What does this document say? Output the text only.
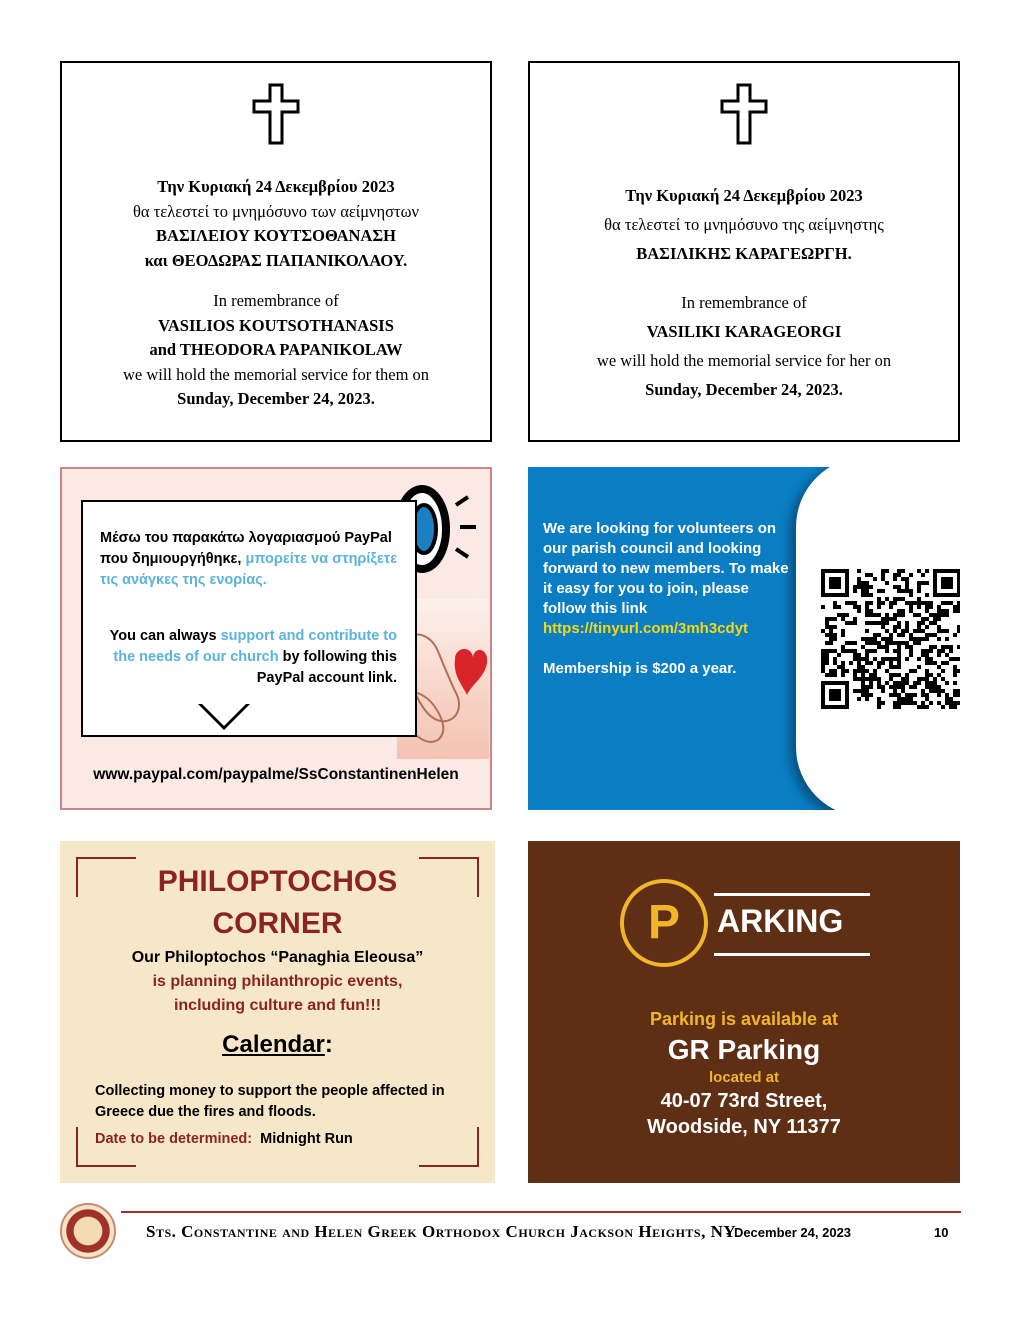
Την Κυριακή 24 Δεκεμβρίου 2023

θα τελεστεί το μνημόσυνο των αείμνηστων

ΒΑΣΙΛΕΙΟΥ ΚΟΥΤΣΟΘΑΝΑΣΗ

και ΘΕΟΔΩΡΑΣ ΠΑΠΑΝΙΚΟΛΑΟΥ.

In remembrance of

VASILIOS KOUTSOTHANASIS

and THEODORA PAPANIKOLAW

we will hold the memorial service for them on

Sunday, December 24, 2023.

Την Κυριακή 24 Δεκεμβρίου 2023

θα τελεστεί το μνημόσυνο της αείμνηστης

ΒΑΣΙΛΙΚΗΣ ΚΑΡΑΓΕΩΡΓΗ.

In remembrance of

VASILIKI KARAGEORGI

we will hold the memorial service for her on

Sunday, December 24, 2023.

Μέσω του παρακάτω λογαριασμού PayPal που δημιουργήθηκε, μπορείτε να στηρίξετε τις ανάγκες της ενορίας.
You can always support and contribute to the needs of our church by following this PayPal account link.
www.paypal.com/paypalme/SsConstantinenHelen
We are looking for volunteers on our parish council and looking forward to new members. To make it easy for you to join, please follow this link https://tinyurl.com/3mh3cdyt
Membership is $200 a year.
PHILOPTOCHOS
CORNER
Our Philoptochos “Panaghia Eleousa”
is planning philanthropic events,
including culture and fun!!!
Calendar:
Collecting money to support the people affected in Greece due the fires and floods.
Date to be determined: Midnight Run
P	ARKING
Parking is available at
GR Parking
located at
40-07 73rd Street,
Woodside, NY 11377
Sts. Constantine and Helen Greek Orthodox Church Jackson Heights, NY
- December 24, 2023	10
